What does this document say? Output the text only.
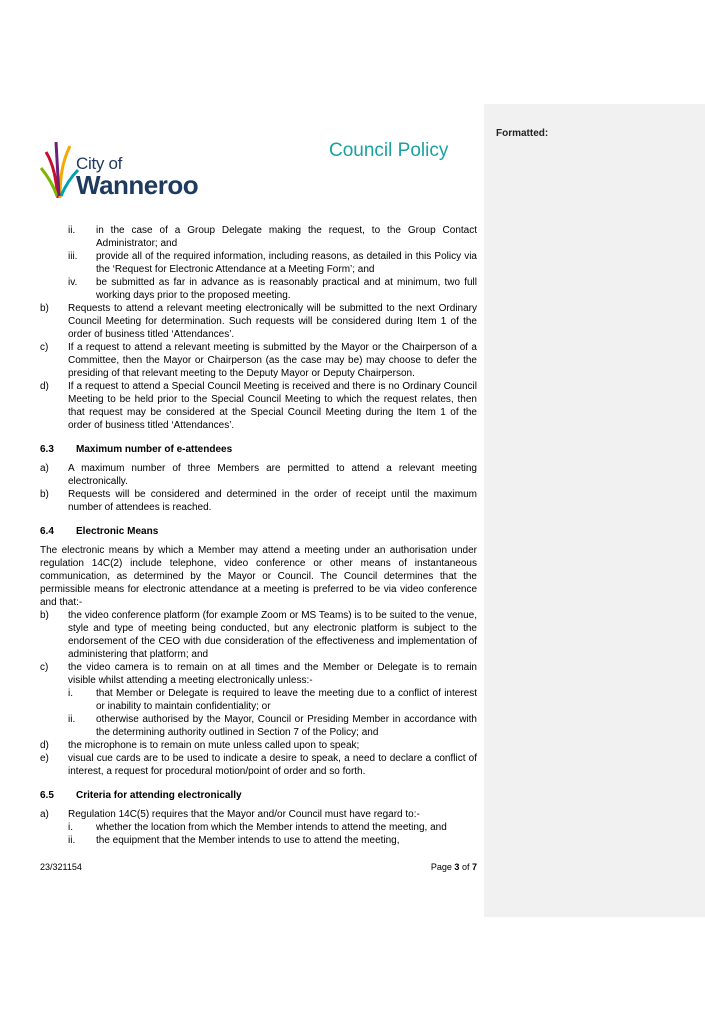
City of
Wanneroo
Council Policy
ii.	in the case of a Group Delegate making the request, to the Group Contact Administrator; and
iii.	provide all of the required information, including reasons, as detailed in this Policy via the ‘Request for Electronic Attendance at a Meeting Form’; and
iv.	be submitted as far in advance as is reasonably practical and at minimum, two full working days prior to the proposed meeting.
b)	Requests to attend a relevant meeting electronically will be submitted to the next Ordinary Council Meeting for determination. Such requests will be considered during Item 1 of the order of business titled ‘Attendances’.
c)	If a request to attend a relevant meeting is submitted by the Mayor or the Chairperson of a Committee, then the Mayor or Chairperson (as the case may be) may choose to defer the presiding of that relevant meeting to the Deputy Mayor or Deputy Chairperson.
d)	If a request to attend a Special Council Meeting is received and there is no Ordinary Council Meeting to be held prior to the Special Council Meeting to which the request relates, then that request may be considered at the Special Council Meeting during the Item 1 of the order of business titled ‘Attendances’.
6.3	Maximum number of e-attendees
a)	A maximum number of three Members are permitted to attend a relevant meeting electronically.
b)	Requests will be considered and determined in the order of receipt until the maximum number of attendees is reached.
6.4	Electronic Means
The electronic means by which a Member may attend a meeting under an authorisation under regulation 14C(2) include telephone, video conference or other means of instantaneous communication, as determined by the Mayor or Council. The Council determines that the permissible means for electronic attendance at a meeting is preferred to be via video conference and that:-
b)	the video conference platform (for example Zoom or MS Teams) is to be suited to the venue, style and type of meeting being conducted, but any electronic platform is subject to the endorsement of the CEO with due consideration of the effectiveness and implementation of administering that platform; and
c)	the video camera is to remain on at all times and the Member or Delegate is to remain visible whilst attending a meeting electronically unless:-
i.	that Member or Delegate is required to leave the meeting due to a conflict of interest or inability to maintain confidentiality; or
ii.	otherwise authorised by the Mayor, Council or Presiding Member in accordance with the determining authority outlined in Section 7 of the Policy; and
d)	the microphone is to remain on mute unless called upon to speak;
e)	visual cue cards are to be used to indicate a desire to speak, a need to declare a conflict of interest, a request for procedural motion/point of order and so forth.
6.5	Criteria for attending electronically
a)	Regulation 14C(5) requires that the Mayor and/or Council must have regard to:-
i.	whether the location from which the Member intends to attend the meeting, and
ii.	the equipment that the Member intends to use to attend the meeting,
23/321154	Page 3 of 7
Formatted:
